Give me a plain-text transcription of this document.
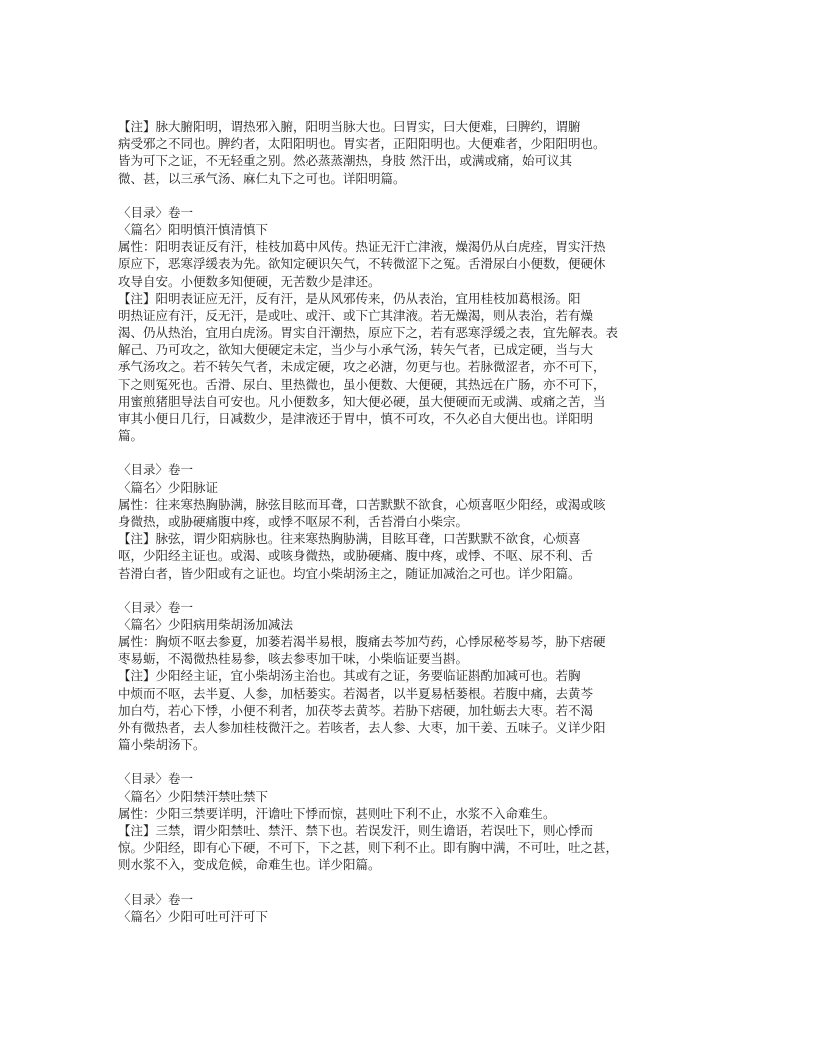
【注】脉大腑阳明，谓热邪入腑，阳明当脉大也。曰胃实，曰大便难，曰脾约，谓腑
病受邪之不同也。脾约者，太阳阳明也。胃实者，正阳阳明也。大便难者，少阳阳明也。
皆为可下之证，不无轻重之别。然必蒸蒸潮热，身肢 然汗出，或满或痛，始可议其
微、甚，以三承气汤、麻仁丸下之可也。详阳明篇。
〈目录〉卷一
〈篇名〉阳明慎汗慎清慎下
属性：阳明表证反有汗，桂枝加葛中风传。热证无汗亡津液，燥渴仍从白虎痊，胃实汗热
原应下，恶寒浮缓表为先。欲知定硬识矢气，不转微涩下之冤。舌滑尿白小便数，便硬休
攻导自安。小便数多知便硬，无苦数少是津还。
【注】阳明表证应无汗，反有汗，是从风邪传来，仍从表治，宜用桂枝加葛根汤。阳
明热证应有汗，反无汗，是或吐、或汗、或下亡其津液。若无燥渴，则从表治，若有燥
渴、仍从热治，宜用白虎汤。胃实自汗潮热，原应下之，若有恶寒浮缓之表，宜先解表。表
解己、乃可攻之，欲知大便硬定未定，当少与小承气汤，转矢气者，已成定硬，当与大
承气汤攻之。若不转矢气者，未成定硬，攻之必溏，勿更与也。若脉微涩者，亦不可下，
下之则冤死也。舌滑、尿白、里热微也，虽小便数、大便硬，其热远在广肠，亦不可下，
用蜜煎猪胆导法自可安也。凡小便数多，知大便必硬，虽大便硬而无或满、或痛之苦，当
审其小便日几行，日减数少，是津液还于胃中，慎不可攻，不久必自大便出也。详阳明
篇。
〈目录〉卷一
〈篇名〉少阳脉证
属性：往来寒热胸胁满，脉弦目眩而耳聋，口苦默默不欲食，心烦喜呕少阳经，或渴或咳
身微热，或胁硬痛腹中疼，或悸不呕尿不利，舌苔滑白小柴宗。
【注】脉弦，谓少阳病脉也。往来寒热胸胁满，目眩耳聋，口苦默默不欲食，心烦喜
呕，少阳经主证也。或渴、或咳身微热，或胁硬痛、腹中疼，或悸、不呕、尿不利、舌
苔滑白者，皆少阳或有之证也。均宜小柴胡汤主之，随证加减治之可也。详少阳篇。
〈目录〉卷一
〈篇名〉少阳病用柴胡汤加减法
属性：胸烦不呕去参夏，加蒌若渴半易根，腹痛去芩加芍药，心悸尿秘苓易芩，胁下痞硬
枣易蛎，不渴微热桂易参，咳去参枣加干味，小柴临证要当斟。
【注】少阳经主证，宜小柴胡汤主治也。其或有之证，务要临证斟酌加减可也。若胸
中烦而不呕，去半夏、人参，加栝蒌实。若渴者，以半夏易栝蒌根。若腹中痛，去黄芩
加白芍，若心下悸，小便不利者，加茯苓去黄芩。若胁下痞硬，加牡蛎去大枣。若不渴
外有微热者，去人参加桂枝微汗之。若咳者，去人参、大枣，加干姜、五味子。义详少阳
篇小柴胡汤下。
〈目录〉卷一
〈篇名〉少阳禁汗禁吐禁下
属性：少阳三禁要详明，汗谵吐下悸而惊，甚则吐下利不止，水浆不入命难生。
【注】三禁，谓少阳禁吐、禁汗、禁下也。若误发汗，则生谵语，若误吐下，则心悸而
惊。少阳经，即有心下硬，不可下，下之甚，则下利不止。即有胸中满，不可吐，吐之甚，
则水浆不入，变成危候，命难生也。详少阳篇。
〈目录〉卷一
〈篇名〉少阳可吐可汗可下
